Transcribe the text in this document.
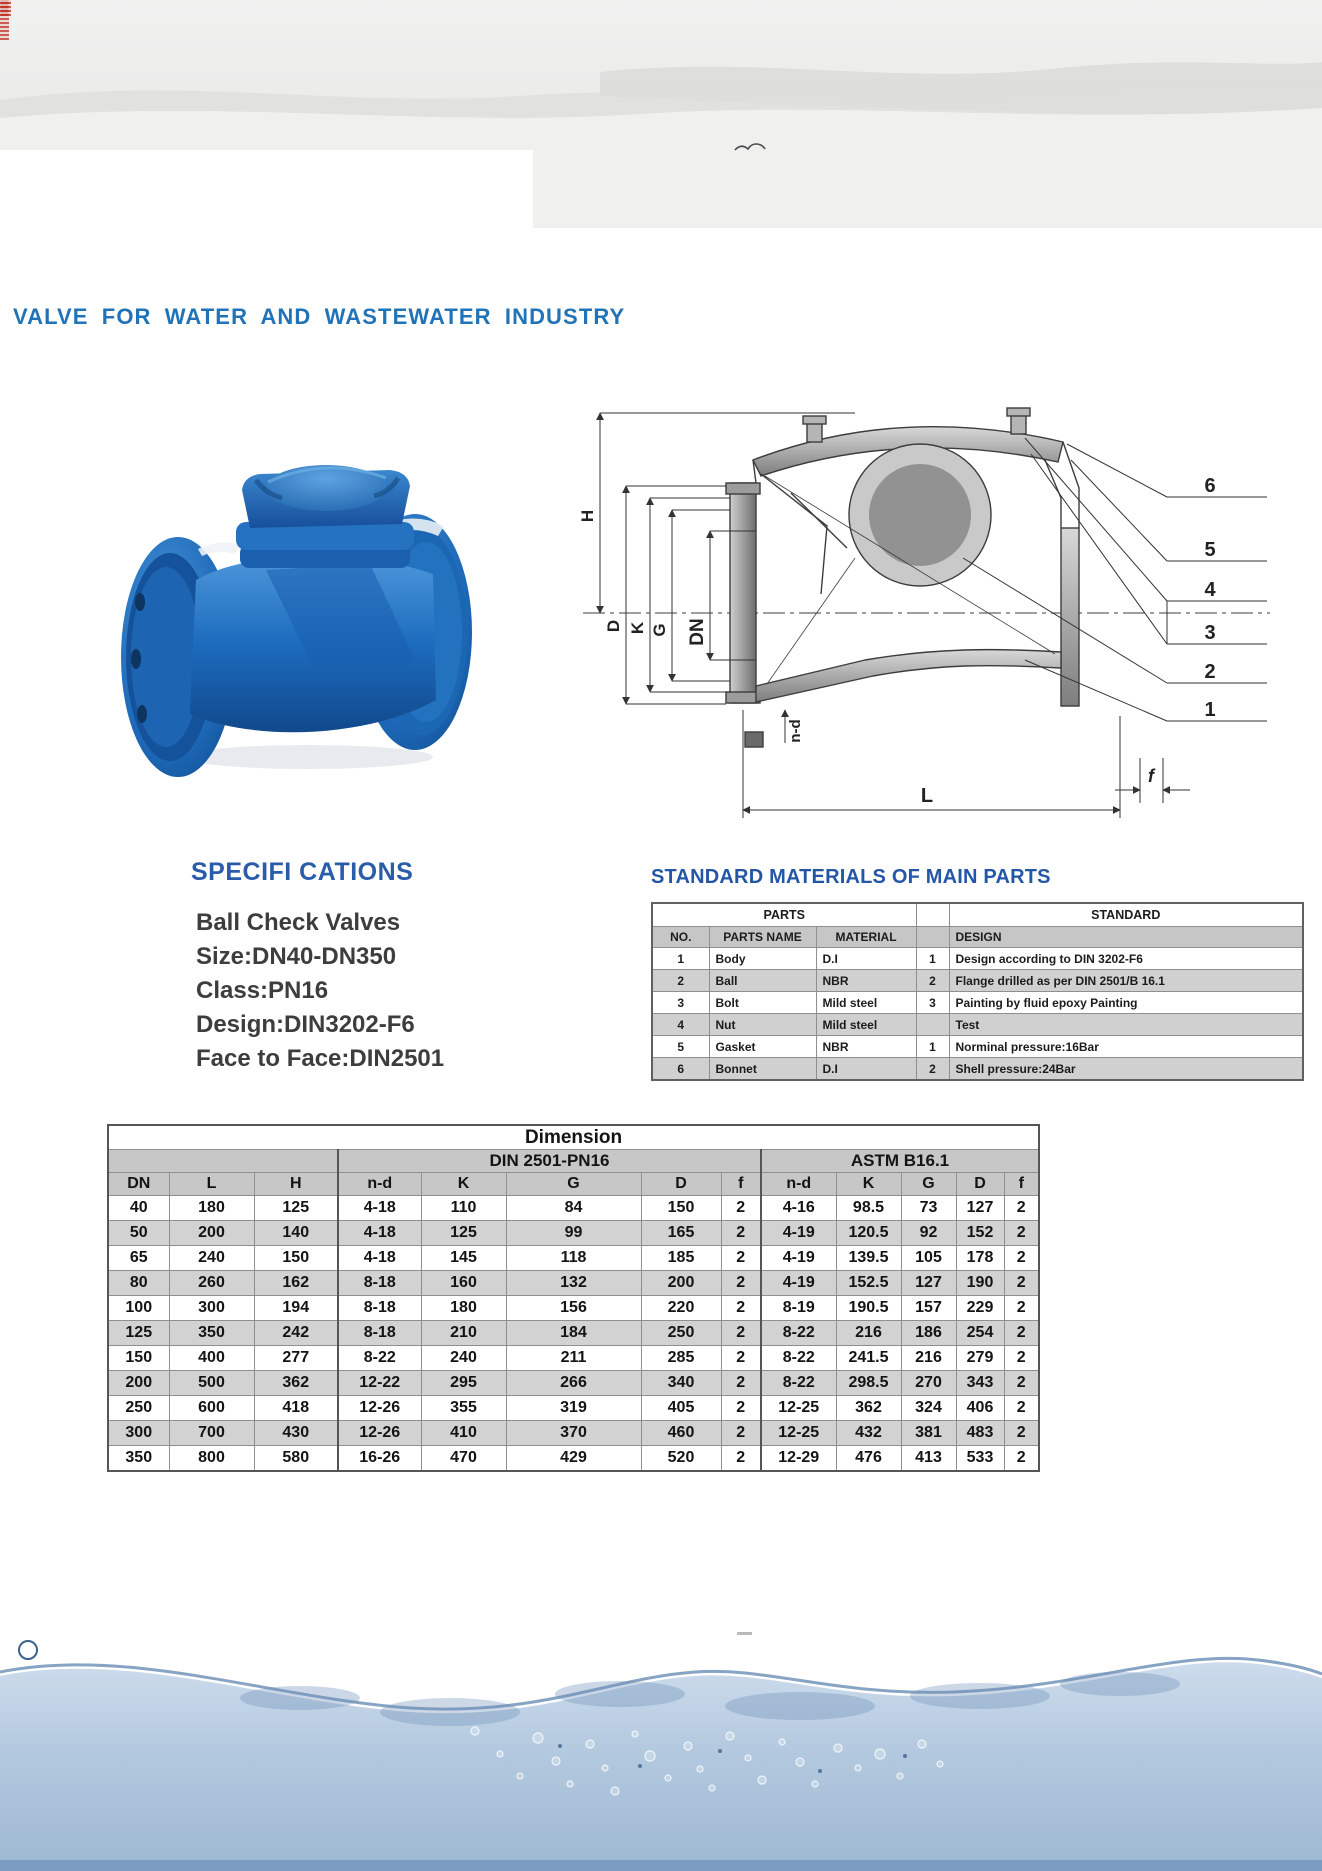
VALVE FOR WATER AND WASTEWATER INDUSTRY
H
D K G DN
n-d
L
f
6
5
4
3
2
1
SPECIFI CATIONS
Ball Check Valves
Size:DN40-DN350
Class:PN16
Design:DIN3202-F6
Face to Face:DIN2501
STANDARD MATERIALS OF MAIN PARTS
PARTS				STANDARD
NO.	PARTS NAME	MATERIAL		DESIGN
1	Body	D.I	1	Design according to DIN 3202-F6
2	Ball	NBR	2	Flange drilled as per DIN 2501/B 16.1
3	Bolt	Mild steel	3	Painting by fluid epoxy Painting
4	Nut	Mild steel		Test
5	Gasket	NBR	1	Norminal pressure:16Bar
6	Bonnet	D.I	2	Shell pressure:24Bar
Dimension												
			DIN 2501-PN16					ASTM B16.1				
DN	L	H	n-d	K	G	D	f	n-d	K	G	D	f
40	180	125	4-18	110	84	150	2	4-16	98.5	73	127	2
50	200	140	4-18	125	99	165	2	4-19	120.5	92	152	2
65	240	150	4-18	145	118	185	2	4-19	139.5	105	178	2
80	260	162	8-18	160	132	200	2	4-19	152.5	127	190	2
100	300	194	8-18	180	156	220	2	8-19	190.5	157	229	2
125	350	242	8-18	210	184	250	2	8-22	216	186	254	2
150	400	277	8-22	240	211	285	2	8-22	241.5	216	279	2
200	500	362	12-22	295	266	340	2	8-22	298.5	270	343	2
250	600	418	12-26	355	319	405	2	12-25	362	324	406	2
300	700	430	12-26	410	370	460	2	12-25	432	381	483	2
350	800	580	16-26	470	429	520	2	12-29	476	413	533	2
